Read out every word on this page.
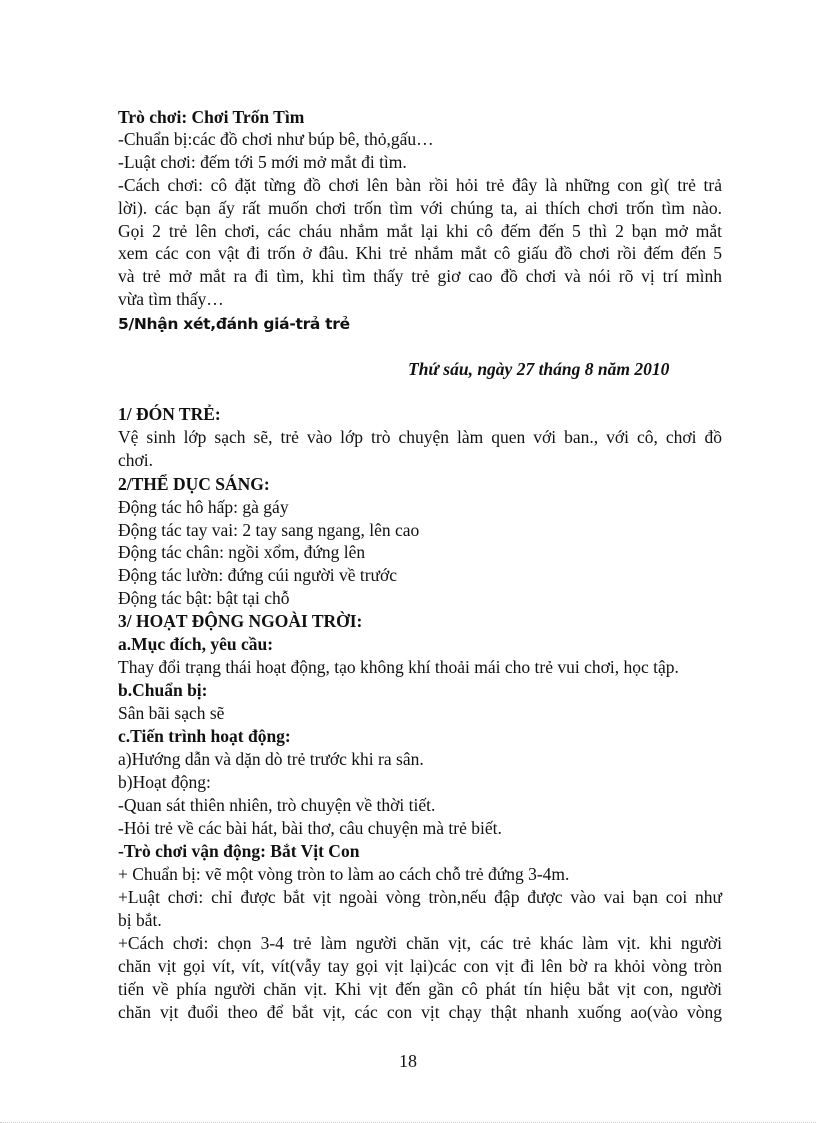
Trò chơi: Chơi Trốn Tìm
-Chuẩn bị:các đồ chơi như búp bê, thỏ,gấu…
-Luật chơi: đếm tới 5 mới mở mắt đi tìm.
-Cách chơi: cô đặt từng đồ chơi lên bàn rồi hỏi trẻ đây là những con gì( trẻ trả
lời). các bạn ấy rất muốn chơi trốn tìm với chúng ta, ai thích chơi trốn tìm nào.
Gọi 2 trẻ lên chơi, các cháu nhắm mắt lại khi cô đếm đến 5 thì 2 bạn mở mắt
xem các con vật đi trốn ở đâu. Khi trẻ nhắm mắt cô giấu đồ chơi rồi đếm đến 5
và trẻ mở mắt ra đi tìm, khi tìm thấy trẻ giơ cao đồ chơi và nói rõ vị trí mình
vừa tìm thấy…
5/Nhận xét,đánh giá-trả trẻ
Thứ sáu, ngày 27 tháng 8 năm 2010
1/ ĐÓN TRẺ:
Vệ sinh lớp sạch sẽ, trẻ vào lớp trò chuyện làm quen với ban., với cô, chơi đồ
chơi.
2/THỂ DỤC SÁNG:
Động tác hô hấp: gà gáy
Động tác tay vai: 2 tay sang ngang, lên cao
Động tác chân: ngồi xổm, đứng lên
Động tác lườn: đứng cúi người về trước
Động tác bật: bật tại chỗ
3/ HOẠT ĐỘNG NGOÀI TRỜI:
a.Mục đích, yêu cầu:
Thay đổi trạng thái hoạt động, tạo không khí thoải mái cho trẻ vui chơi, học tập.
b.Chuẩn bị:
Sân bãi sạch sẽ
c.Tiến trình hoạt động:
a)Hướng dẫn và dặn dò trẻ trước khi ra sân.
b)Hoạt động:
-Quan sát thiên nhiên, trò chuyện về thời tiết.
-Hỏi trẻ về các bài hát, bài thơ, câu chuyện mà trẻ biết.
-Trò chơi vận động: Bắt Vịt Con
+ Chuẩn bị: vẽ một vòng tròn to làm ao cách chỗ trẻ đứng 3-4m.
+Luật chơi: chỉ được bắt vịt ngoài vòng tròn,nếu đập được vào vai bạn coi như
bị bắt.
+Cách chơi: chọn 3-4 trẻ làm người chăn vịt, các trẻ khác làm vịt. khi người
chăn vịt gọi vít, vít, vít(vẫy tay gọi vịt lại)các con vịt đi lên bờ ra khỏi vòng tròn
tiến về phía người chăn vịt. Khi vịt đến gần cô phát tín hiệu bắt vịt con, người
chăn vịt đuổi theo để bắt vịt, các con vịt chạy thật nhanh xuống ao(vào vòng
18
